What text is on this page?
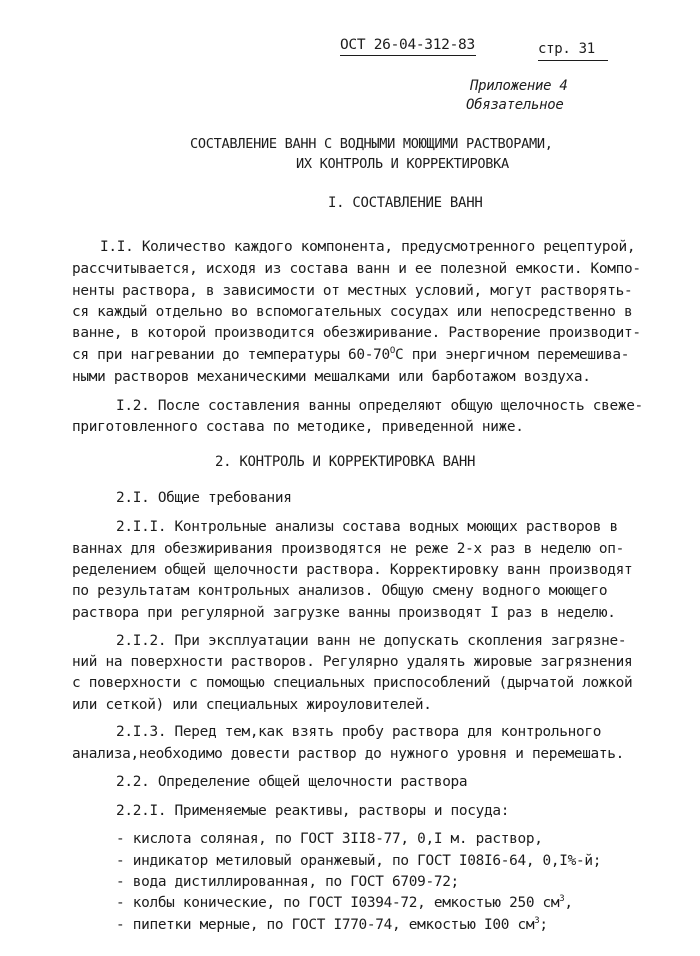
ОСТ 26-04-312-83	стр. 31
Приложение 4
Обязательное
СОСТАВЛЕНИЕ ВАНН С ВОДНЫМИ МОЮЩИМИ РАСТВОРАМИ,
ИХ КОНТРОЛЬ И КОРРЕКТИРОВКА
I. СОСТАВЛЕНИЕ ВАНН
I.I. Количество каждого компонента, предусмотренного рецептурой,
рассчитывается, исходя из состава ванн и ее полезной емкости. Компо-
ненты раствора, в зависимости от местных условий, могут растворять-
ся каждый отдельно во вспомогательных сосудах или непосредственно в
ванне, в которой производится обезжиривание. Растворение производит-
ся при нагревании до температуры $60-70^OC$ при энергичном перемешива-
ными растворов механическими мешалками или барботажом воздуха.
I.2. После составления ванны определяют общую щелочность свеже-
приготовленного состава по методике, приведенной ниже.
2. КОНТРОЛЬ И КОРРЕКТИРОВКА ВАНН
2.I. Общие требования
2.I.I. Контрольные анализы состава водных моющих растворов в
ваннах для обезжиривания производятся не реже 2-х раз в неделю оп-
ределением общей щелочности раствора. Корректировку ванн производят
по результатам контрольных анализов. Общую смену водного моющего
раствора при регулярной загрузке ванны производят I раз в неделю.
2.I.2. При эксплуатации ванн не допускать скопления загрязне-
ний на поверхности растворов. Регулярно удалять жировые загрязнения
с поверхности с помощью специальных приспособлений (дырчатой ложкой
или сеткой) или специальных жироуловителей.
2.I.3. Перед тем,как взять пробу раствора для контрольного
анализа,необходимо довести раствор до нужного уровня и перемешать.
2.2. Определение общей щелочности раствора
2.2.I. Применяемые реактивы, растворы и посуда:
- кислота соляная, по ГОСТ 3II8-77, 0,I м. раствор,
- индикатор метиловый оранжевый, по ГОСТ I08I6-64, 0,I%-й;
- вода дистиллированная, по ГОСТ 6709-72;
- колбы конические, по ГОСТ I0394-72, емкостью 250 $см^3$,
- пипетки мерные, по ГОСТ I770-74, емкостью I00 $см^3$;
